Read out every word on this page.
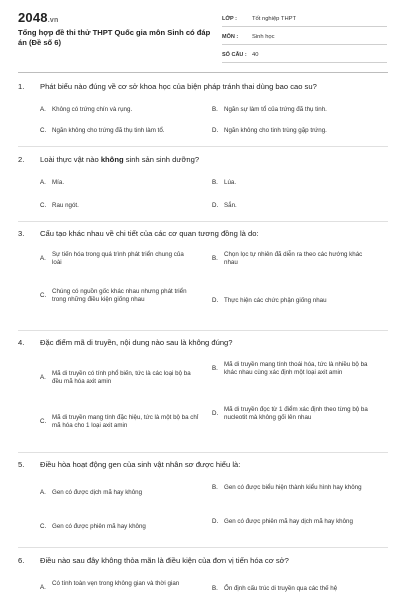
2048.vn
Tổng hợp đề thi thử THPT Quốc gia môn Sinh có đáp án (Đề số 6)
LỚP :	Tốt nghiệp THPT
MÔN :	Sinh học
SỐ CÂU : 40
1.	Phát biểu nào đúng về cơ sở khoa học của biện pháp tránh thai dùng bao cao su?
A. Không có trứng chín và rụng.	B. Ngăn sự làm tổ của trứng đã thụ tinh.
C. Ngăn không cho trứng đã thụ tinh làm tổ.	D. Ngăn không cho tinh trùng gặp trứng.
2.	Loài thực vật nào không sinh sản sinh dưỡng?
A. Mía.	B. Lúa.
C. Rau ngót.	D. Sắn.
3.	Cấu tạo khác nhau về chi tiết của các cơ quan tương đồng là do:
A.
Sự tiến hóa trong quá trình phát triển chung của loài
B.
Chọn lọc tự nhiên đã diễn ra theo các hướng khác nhau
C.
Chúng có nguồn gốc khác nhau nhưng phát triển trong những điều kiện giống nhau	D. Thực hiện các chức phận giống nhau
4.	Đặc điểm mã di truyền, nội dung nào sau là không đúng?
A.
Mã di truyền có tính phổ biến, tức là các loại bộ ba đều mã hóa axit amin
B.
Mã di truyền mang tính thoái hóa, tức là nhiều bộ ba khác nhau cùng xác định một loại axit amin
C.
Mã di truyền mang tính đặc hiệu, tức là một bộ ba chỉ mã hóa cho 1 loại axit amin
D.
Mã di truyền đọc từ 1 điểm xác định theo từng bộ ba nucleotit mà không gối lên nhau
5.	Điều hòa hoạt động gen của sinh vật nhân sơ được hiểu là:
A. Gen có được dịch mã hay không
B. Gen có được biểu hiện thành kiểu hình hay không
C. Gen có được phiên mã hay không
D. Gen có được phiên mã hay dịch mã hay không
6.	Điều nào sau đây không thỏa mãn là điều kiện của đơn vị tiến hóa cơ sở?
A.
Có tính toàn vẹn trong không gian và thời gian
B. Ổn định cấu trúc di truyền qua các thế hệ
